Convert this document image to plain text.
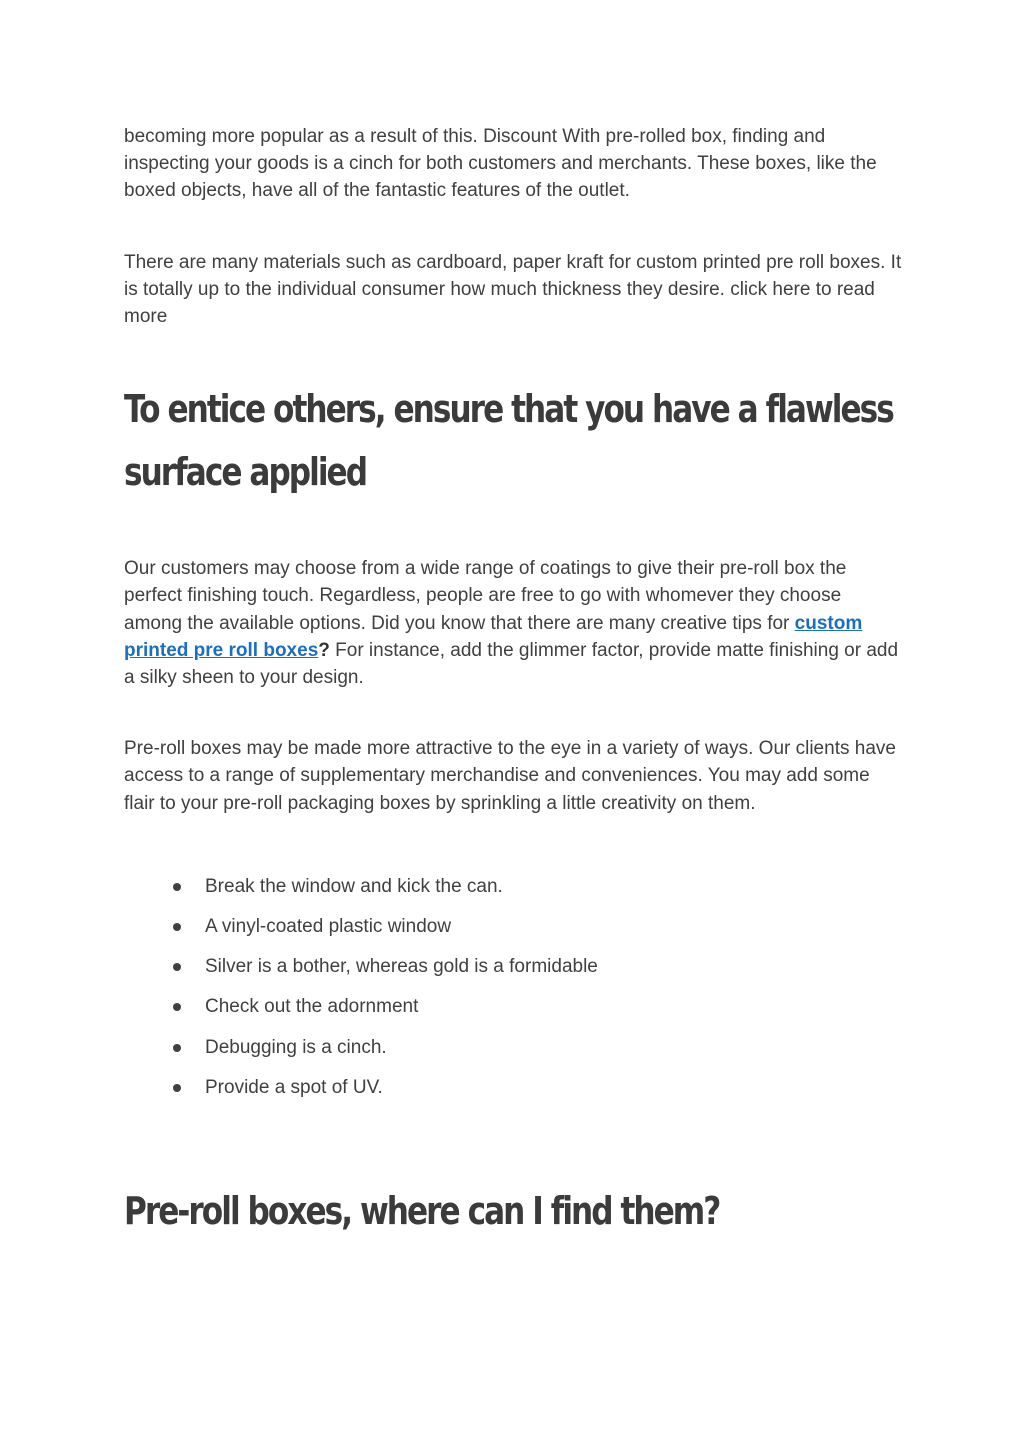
becoming more popular as a result of this. Discount With pre-rolled box, finding and inspecting your goods is a cinch for both customers and merchants. These boxes, like the boxed objects, have all of the fantastic features of the outlet.

There are many materials such as cardboard, paper kraft for custom printed pre roll boxes. It is totally up to the individual consumer how much thickness they desire. click here to read more

To entice others, ensure that you have a flawless surface applied

Our customers may choose from a wide range of coatings to give their pre-roll box the perfect finishing touch. Regardless, people are free to go with whomever they choose among the available options. Did you know that there are many creative tips for custom printed pre roll boxes? For instance, add the glimmer factor, provide matte finishing or add a silky sheen to your design.

Pre-roll boxes may be made more attractive to the eye in a variety of ways. Our clients have access to a range of supplementary merchandise and conveniences. You may add some flair to your pre-roll packaging boxes by sprinkling a little creativity on them.

Break the window and kick the can.
A vinyl-coated plastic window
Silver is a bother, whereas gold is a formidable
Check out the adornment
Debugging is a cinch.
Provide a spot of UV.
Pre-roll boxes, where can I find them?
